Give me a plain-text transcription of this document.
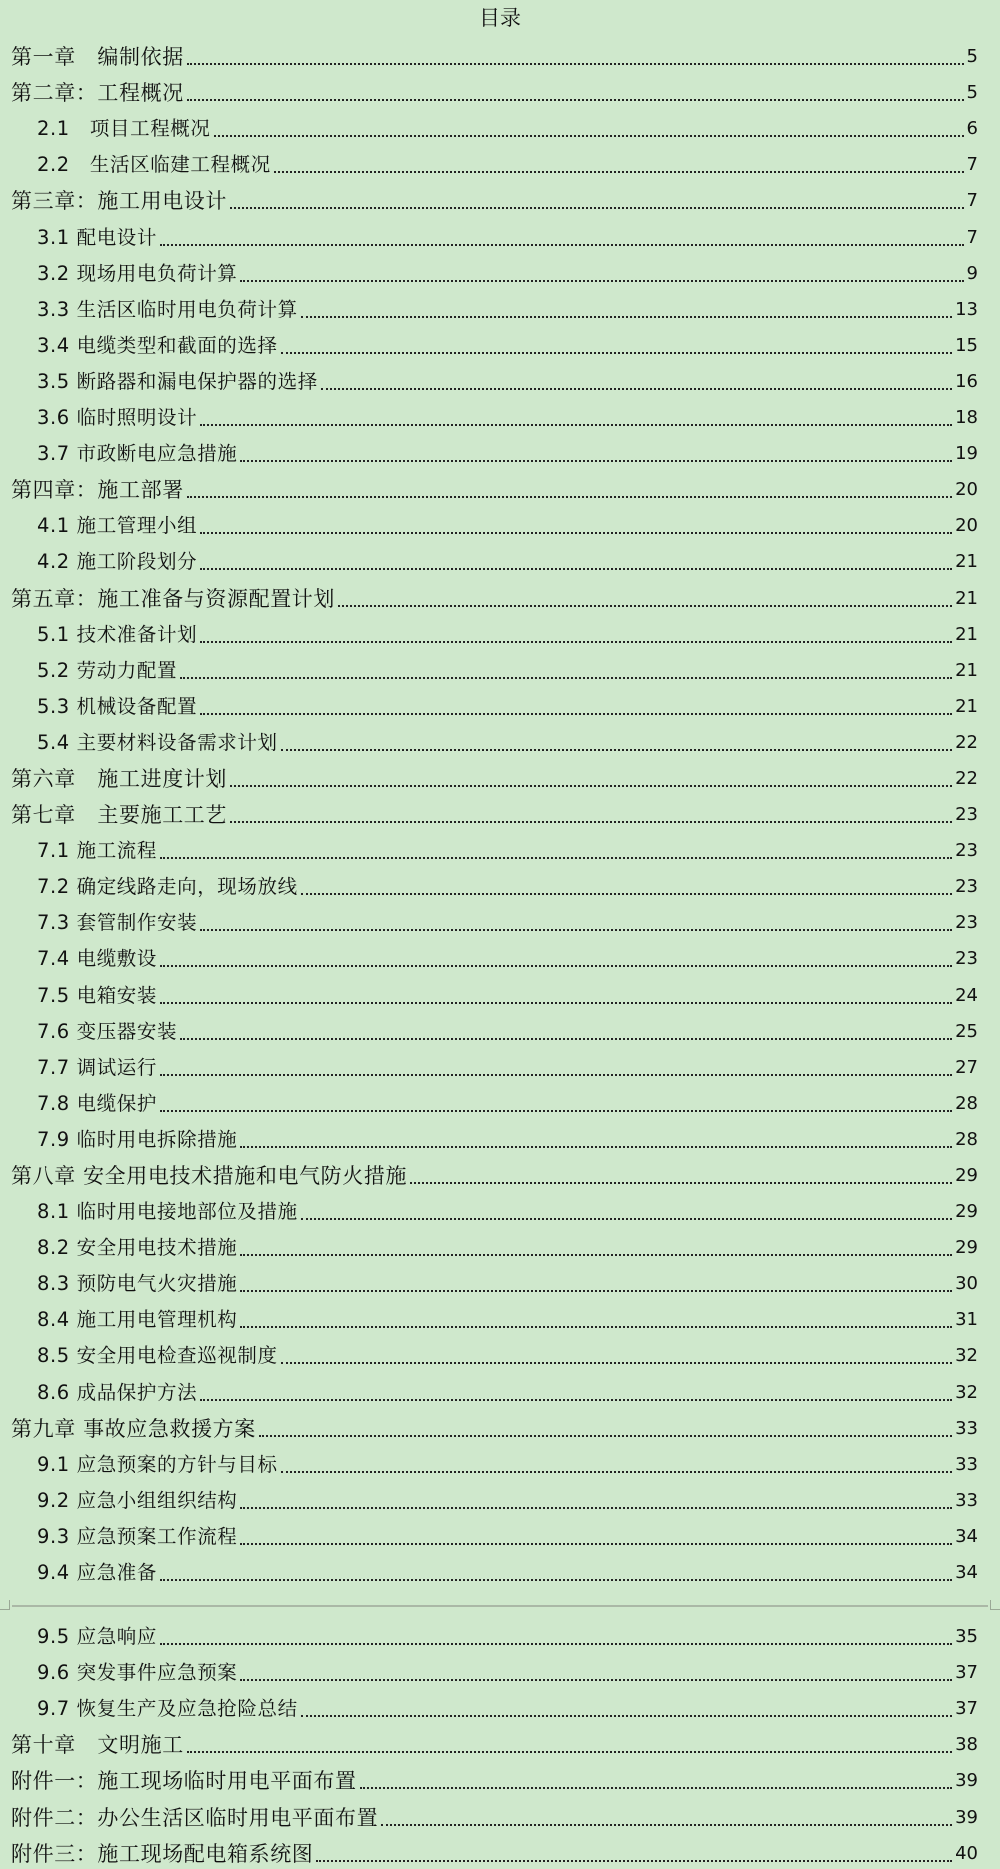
目录
第一章　编制依据	5
第二章：工程概况	5
2.1　项目工程概况	6
2.2　生活区临建工程概况	7
第三章：施工用电设计	7
3.1 配电设计	7
3.2 现场用电负荷计算	9
3.3 生活区临时用电负荷计算	13
3.4 电缆类型和截面的选择	15
3.5 断路器和漏电保护器的选择	16
3.6 临时照明设计	18
3.7 市政断电应急措施	19
第四章：施工部署	20
4.1 施工管理小组	20
4.2 施工阶段划分	21
第五章：施工准备与资源配置计划	21
5.1 技术准备计划	21
5.2 劳动力配置	21
5.3 机械设备配置	21
5.4 主要材料设备需求计划	22
第六章　施工进度计划	22
第七章　主要施工工艺	23
7.1 施工流程	23
7.2 确定线路走向，现场放线	23
7.3 套管制作安装	23
7.4 电缆敷设	23
7.5 电箱安装	24
7.6 变压器安装	25
7.7 调试运行	27
7.8 电缆保护	28
7.9 临时用电拆除措施	28
第八章 安全用电技术措施和电气防火措施	29
8.1 临时用电接地部位及措施	29
8.2 安全用电技术措施	29
8.3 预防电气火灾措施	30
8.4 施工用电管理机构	31
8.5 安全用电检查巡视制度	32
8.6 成品保护方法	32
第九章 事故应急救援方案	33
9.1 应急预案的方针与目标	33
9.2 应急小组组织结构	33
9.3 应急预案工作流程	34
9.4 应急准备	34
9.5 应急响应	35
9.6 突发事件应急预案	37
9.7 恢复生产及应急抢险总结	37
第十章　文明施工	38
附件一：施工现场临时用电平面布置	39
附件二：办公生活区临时用电平面布置	39
附件三：施工现场配电箱系统图	40
